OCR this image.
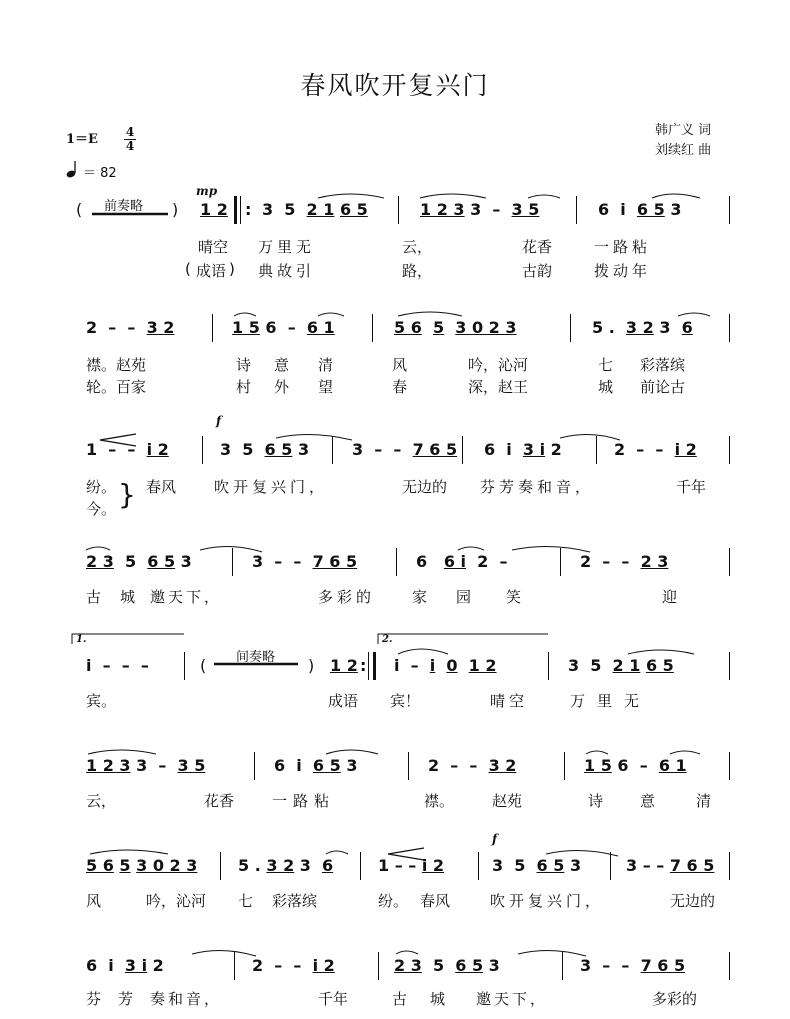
春风吹开复兴门
1＝E 4
4
＝ 82
韩广义 词
刘续红 曲
(	) 1 2 : 3  5  2 1 6 5	1 2 3 3  –  3 5	6  i  6 5 3
mp
前奏略
晴空 万里无	云，	花香	一路粘
( 成语 ) 典故引	路，	古韵	拨动年
2  –  –  3 2	1 5 6  –  6 1	5 6 5 3 0 2 3	5 .  3 2 3  6
襟。赵苑	诗 意 清	风	吟，沁河	七 彩落缤
轮。百家	村 外 望	春	深，赵王	城 前论古
1  –  –  i 2	3  5  6 5 3	3  –  –  7 6 5 6  i  3 i 2	2  –  –  i 2
f
纷。 春风	吹开复兴门，	无边的 芬芳奏和音，	千年
今。 }
2 3  5  6 5 3	3  –  –  7 6 5	6   6 i  2  –	2  –  –  2 3
古 城 邀天下，	多彩的 家 园 笑	迎
i  –  –  –	(	) 1 2 : i  –  i 0 1 2	3  5  2 1 6 5
1.	2.
间奏略
宾。	成语 宾！	晴空	万里无
1 2 3 3  –  3 5	6  i  6 5 3	2  –  –  3 2	1 5 6  –  6 1
云，	花香	一路粘	襟。	赵苑	诗 意	清
5 6 5 3 0 2 3	5 . 3 2 3  6	1 – – i 2	3  5  6 5 3	3 – – 7 6 5
f
风	吟，沁河 七 彩落缤	纷。 春风	吹开复兴门，	无边的
6  i  3 i 2	2  –  –  i 2	2 3  5  6 5 3	3  –  –  7 6 5
芬 芳 奏和音，	千年	古 城 邀天下，	多彩的
